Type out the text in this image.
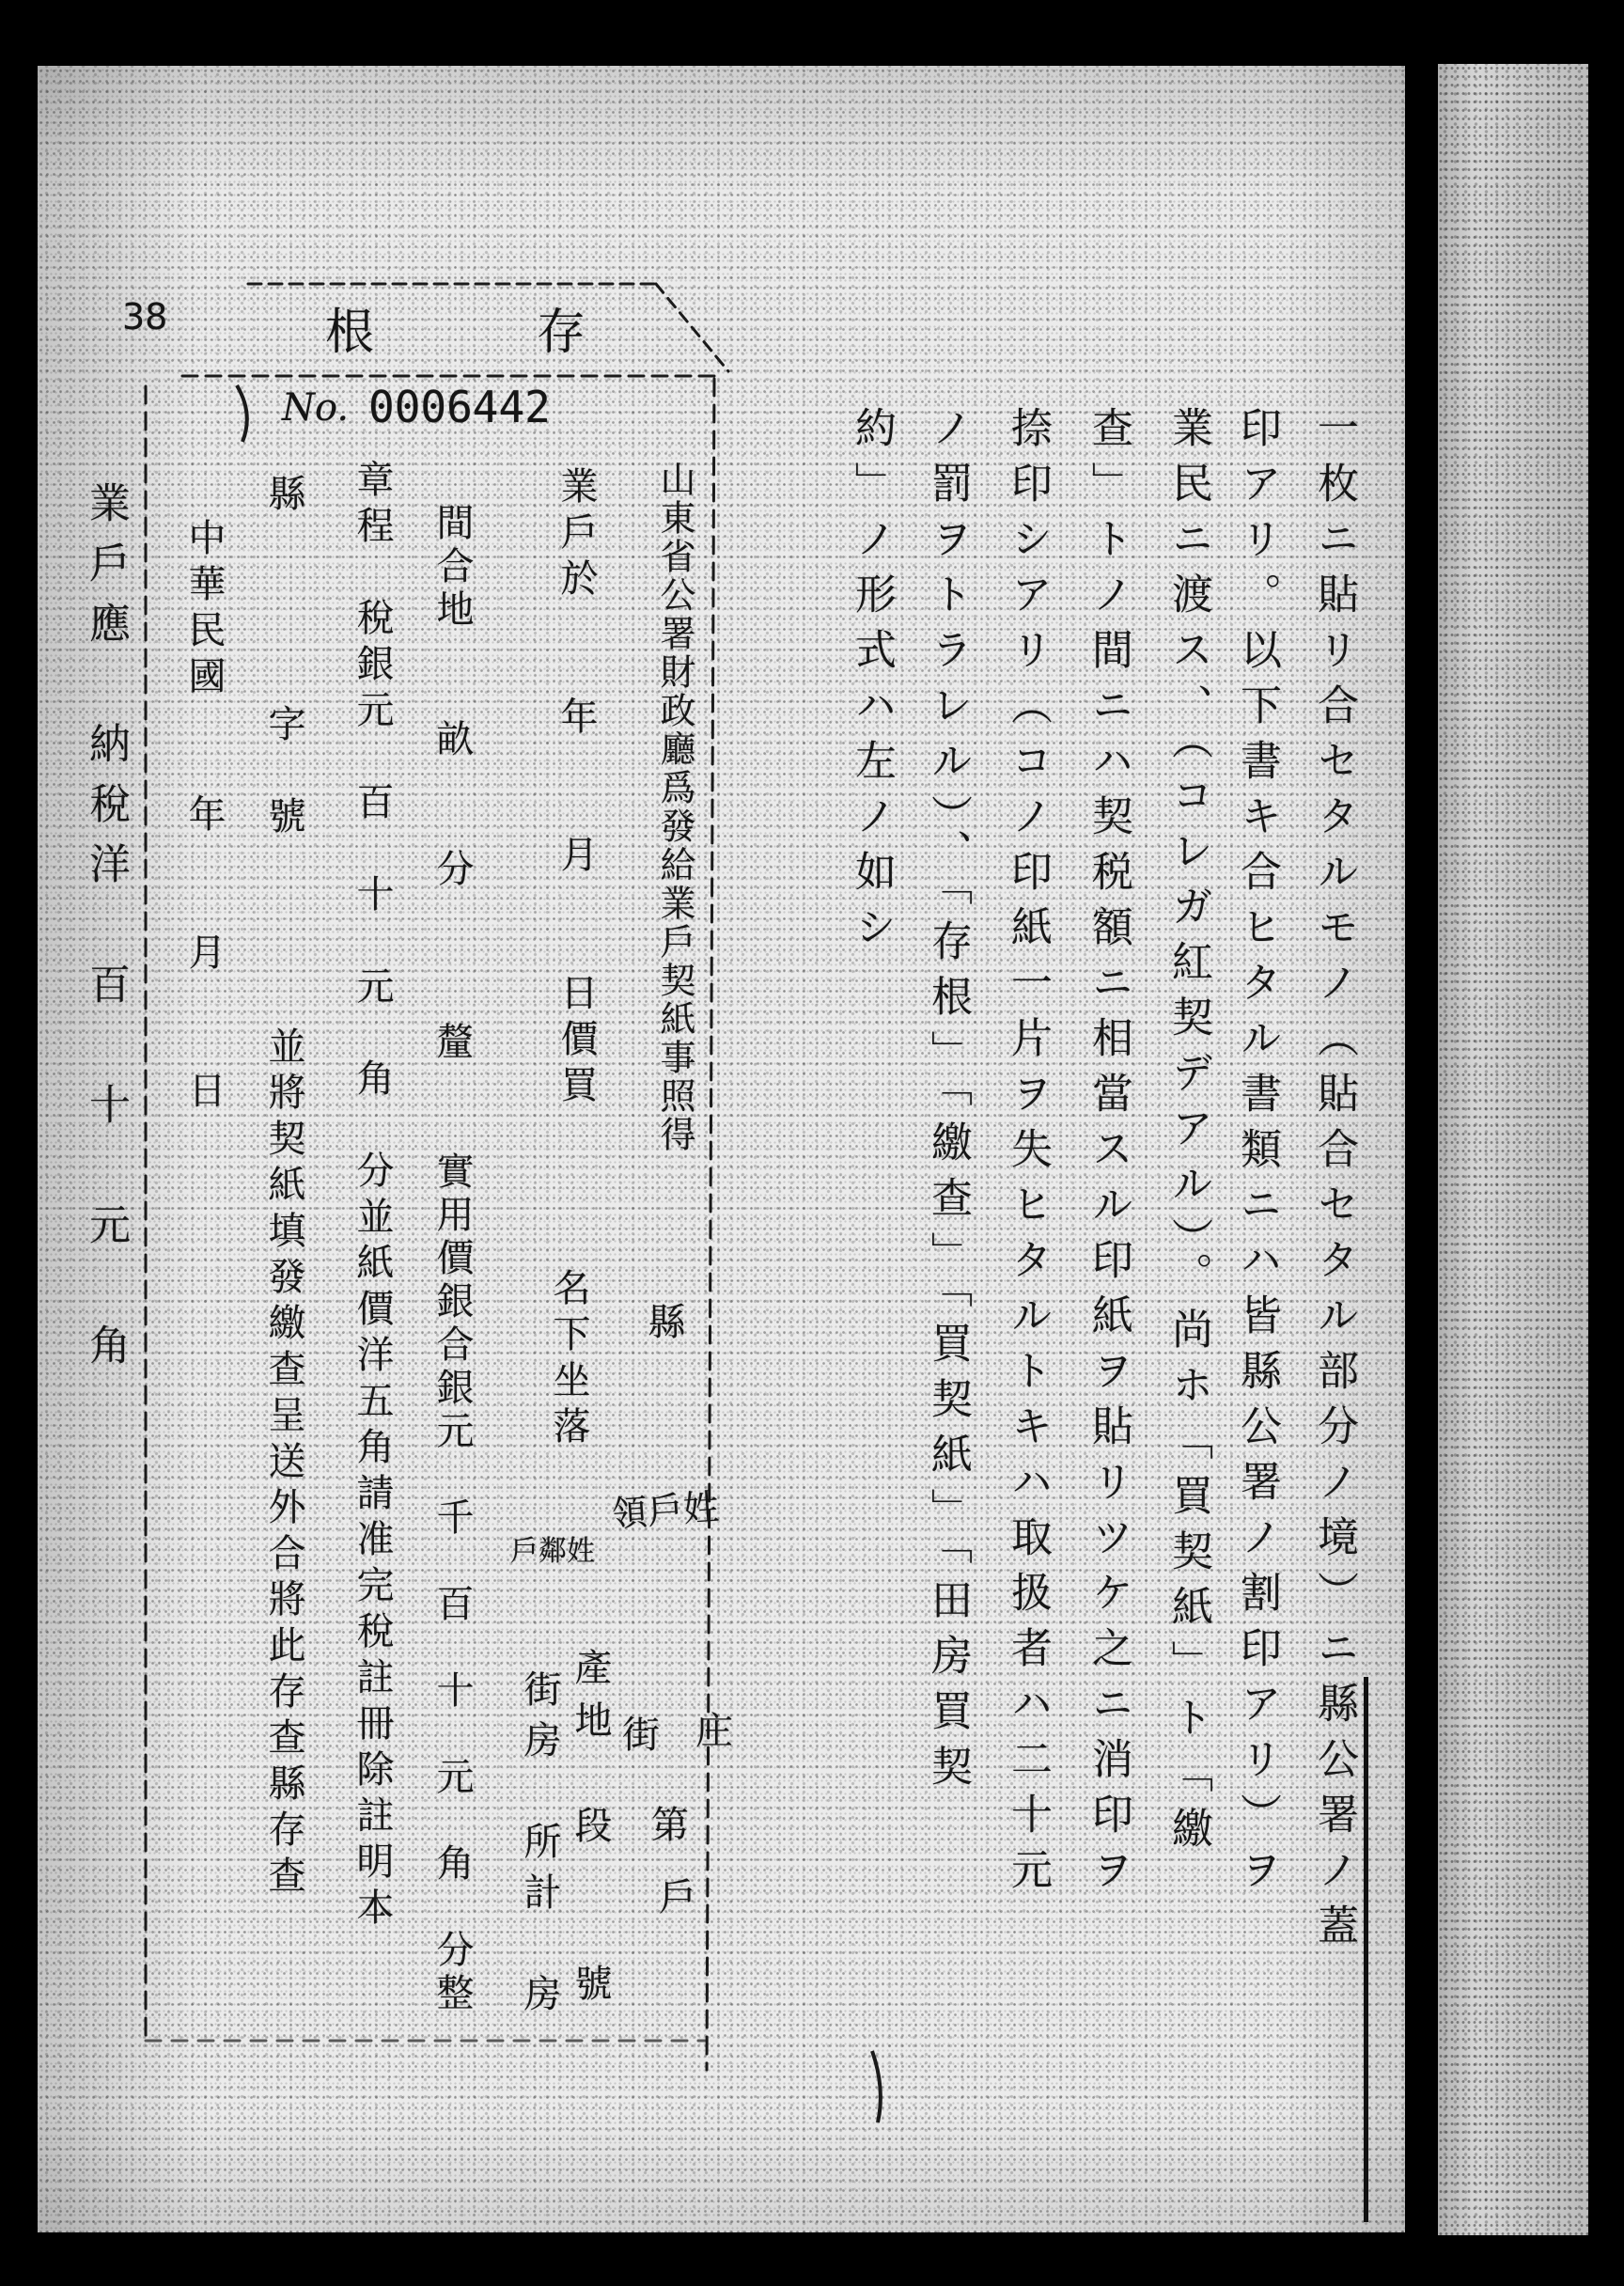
38
一枚ニ貼リ合セタルモノ（貼合セタル部分ノ境）ニ縣公署ノ蓋
印アリ。以下書キ合ヒタル書類ニハ皆縣公署ノ割印アリ）ヲ
業民ニ渡ス、（コレガ紅契デアル）。尚ホ「買契紙」ト「繳
查」トノ間ニハ契税額ニ相當スル印紙ヲ貼リツケ之ニ消印ヲ
捺印シアリ（コノ印紙一片ヲ失ヒタルトキハ取扱者ハ二十元
ノ罰ヲトラレル）、「存根」「繳查」「買契紙」「田房買契
約」ノ形式ハ左ノ如シ
存
根
No. 0006442
山東省公署財政廳爲發給業戶契紙事照得
縣
業戶於　　年　　月　　日價買
名下坐落
間合地　　畝　　分　　　釐　　實用價銀合銀元　千　百　十　元　角　分整
章程　稅銀元　百　十　元　角　分並紙價洋五角請准完稅註冊除註明本
縣　　　　字　號　　　　並將契紙填發繳查呈送外合將此存查縣存查
中華民國　　年　　月　　日
產地　段　　號
街房　所計　房
領戶姓
戶鄰姓
庄
街
第
戶
業戶應　納稅洋　百　十　元　角
